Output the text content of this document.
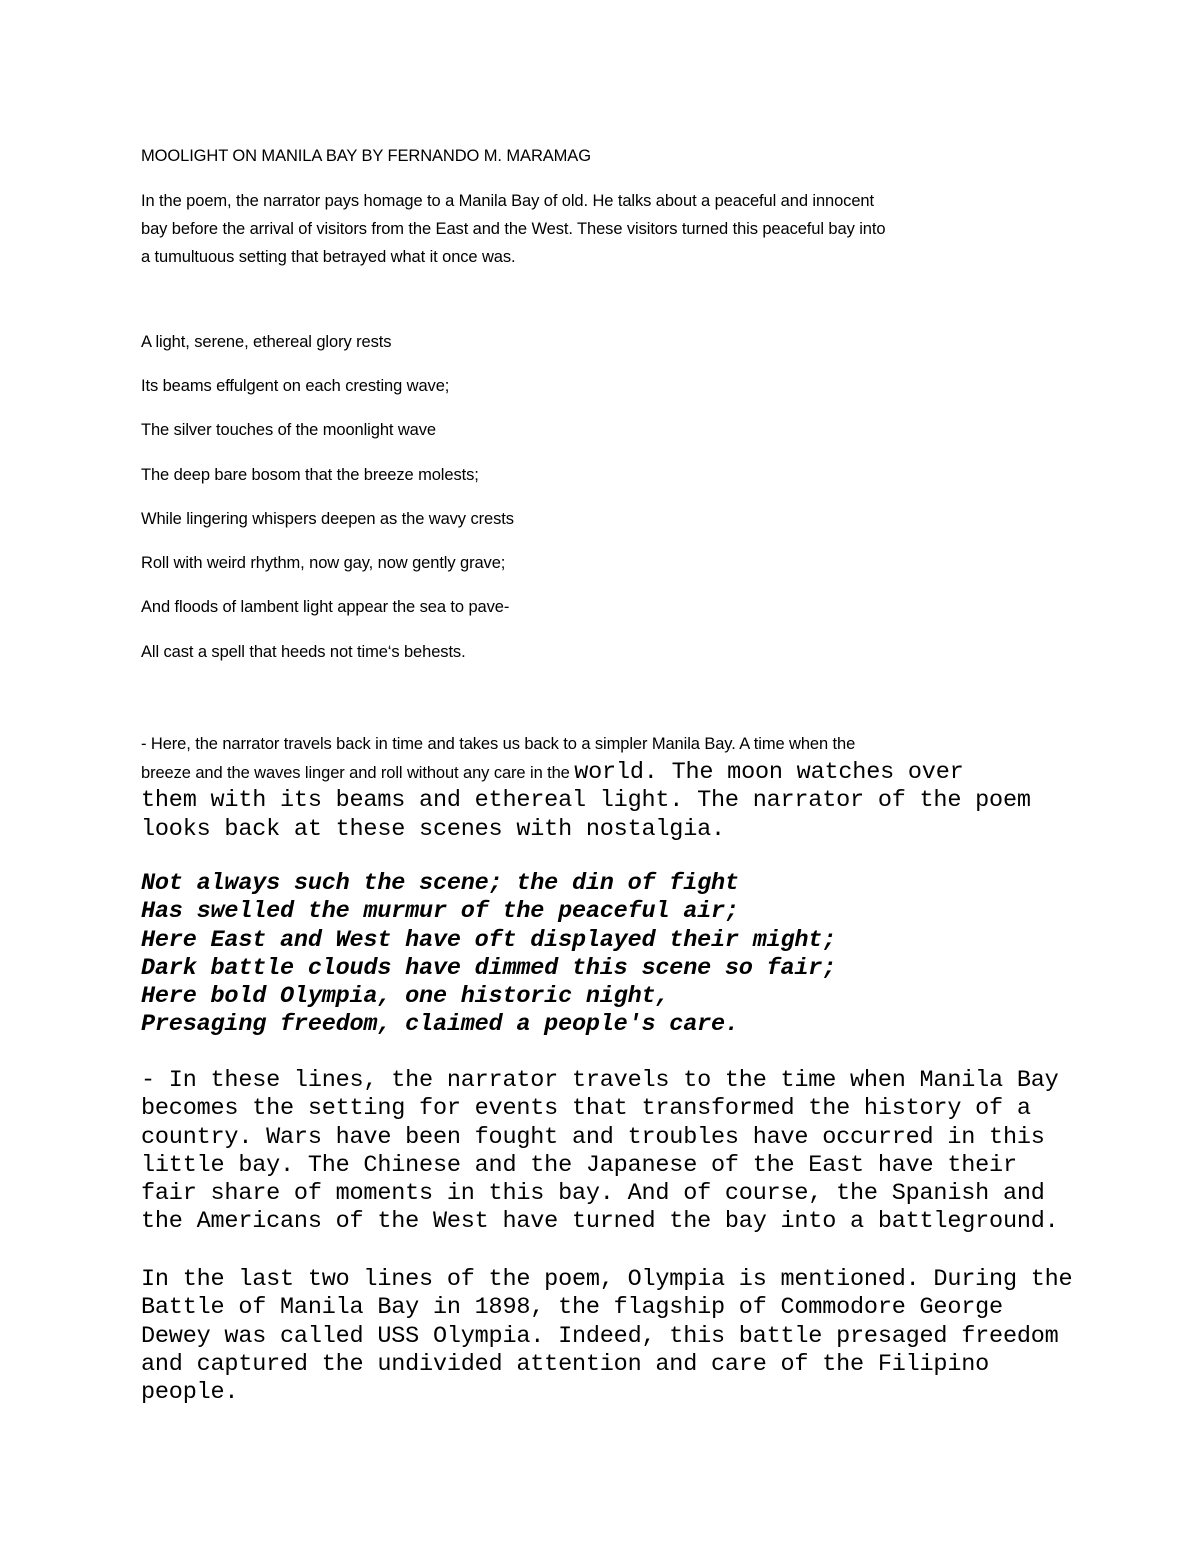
MOOLIGHT ON MANILA BAY BY FERNANDO M. MARAMAG

In the poem, the narrator pays homage to a Manila Bay of old. He talks about a peaceful and innocent
bay before the arrival of visitors from the East and the West. These visitors turned this peaceful bay into
a tumultuous setting that betrayed what it once was.
A light, serene, ethereal glory rests
Its beams effulgent on each cresting wave;
The silver touches of the moonlight wave
The deep bare bosom that the breeze molests;
While lingering whispers deepen as the wavy crests
Roll with weird rhythm, now gay, now gently grave;
And floods of lambent light appear the sea to pave-
All cast a spell that heeds not time‘s behests.
- Here, the narrator travels back in time and takes us back to a simpler Manila Bay. A time when the
breeze and the waves linger and roll without any care in the world. The moon watches over
them with its beams and ethereal light. The narrator of the poem
looks back at these scenes with nostalgia.
Not always such the scene; the din of fight
Has swelled the murmur of the peaceful air;
Here East and West have oft displayed their might;
Dark battle clouds have dimmed this scene so fair;
Here bold Olympia, one historic night,
Presaging freedom, claimed a people's care.
- In these lines, the narrator travels to the time when Manila Bay
becomes the setting for events that transformed the history of a
country. Wars have been fought and troubles have occurred in this
little bay. The Chinese and the Japanese of the East have their
fair share of moments in this bay. And of course, the Spanish and
the Americans of the West have turned the bay into a battleground.
In the last two lines of the poem, Olympia is mentioned. During the
Battle of Manila Bay in 1898, the flagship of Commodore George
Dewey was called USS Olympia. Indeed, this battle presaged freedom
and captured the undivided attention and care of the Filipino
people.
